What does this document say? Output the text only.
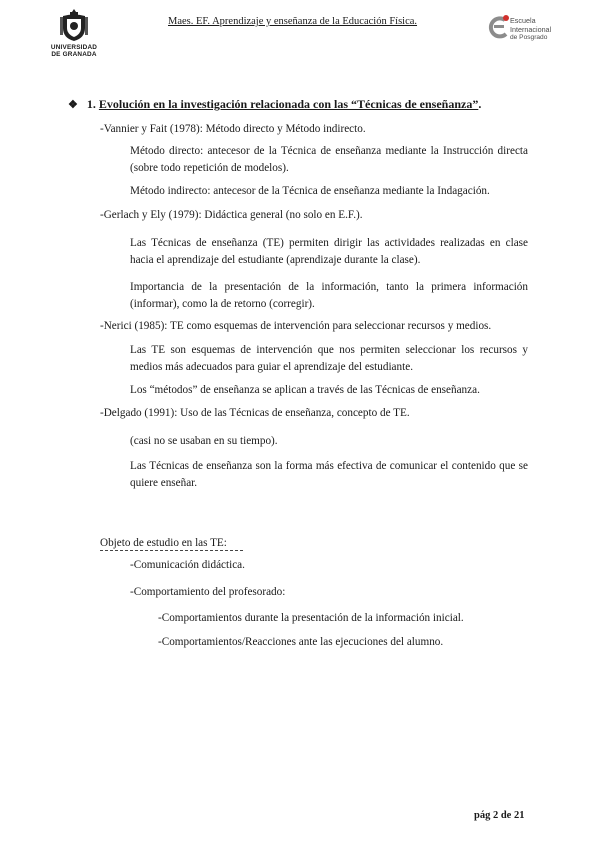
UNIVERSIDAD
DE GRANADA
Maes. EF. Aprendizaje y enseñanza de la Educación Física.	Escuela
Internacional
de Posgrado
❖ 1. Evolución en la investigación relacionada con las “Técnicas de enseñanza”.
-Vannier y Fait (1978): Método directo y Método indirecto.
Método directo: antecesor de la Técnica de enseñanza mediante la Instrucción directa (sobre todo repetición de modelos).
Método indirecto: antecesor de la Técnica de enseñanza mediante la Indagación.
-Gerlach y Ely (1979): Didáctica general (no solo en E.F.).
Las Técnicas de enseñanza (TE) permiten dirigir las actividades realizadas en clase hacia el aprendizaje del estudiante (aprendizaje durante la clase).
Importancia de la presentación de la información, tanto la primera información (informar), como la de retorno (corregir).
-Nerici (1985): TE como esquemas de intervención para seleccionar recursos y medios.
Las TE son esquemas de intervención que nos permiten seleccionar los recursos y medios más adecuados para guiar el aprendizaje del estudiante.
Los “métodos” de enseñanza se aplican a través de las Técnicas de enseñanza.
-Delgado (1991): Uso de las Técnicas de enseñanza, concepto de TE.
(casi no se usaban en su tiempo).
Las Técnicas de enseñanza son la forma más efectiva de comunicar el contenido que se quiere enseñar.
Objeto de estudio en las TE:
-Comunicación didáctica.
-Comportamiento del profesorado:
-Comportamientos durante la presentación de la información inicial.
-Comportamientos/Reacciones ante las ejecuciones del alumno.
pág 2 de 21
